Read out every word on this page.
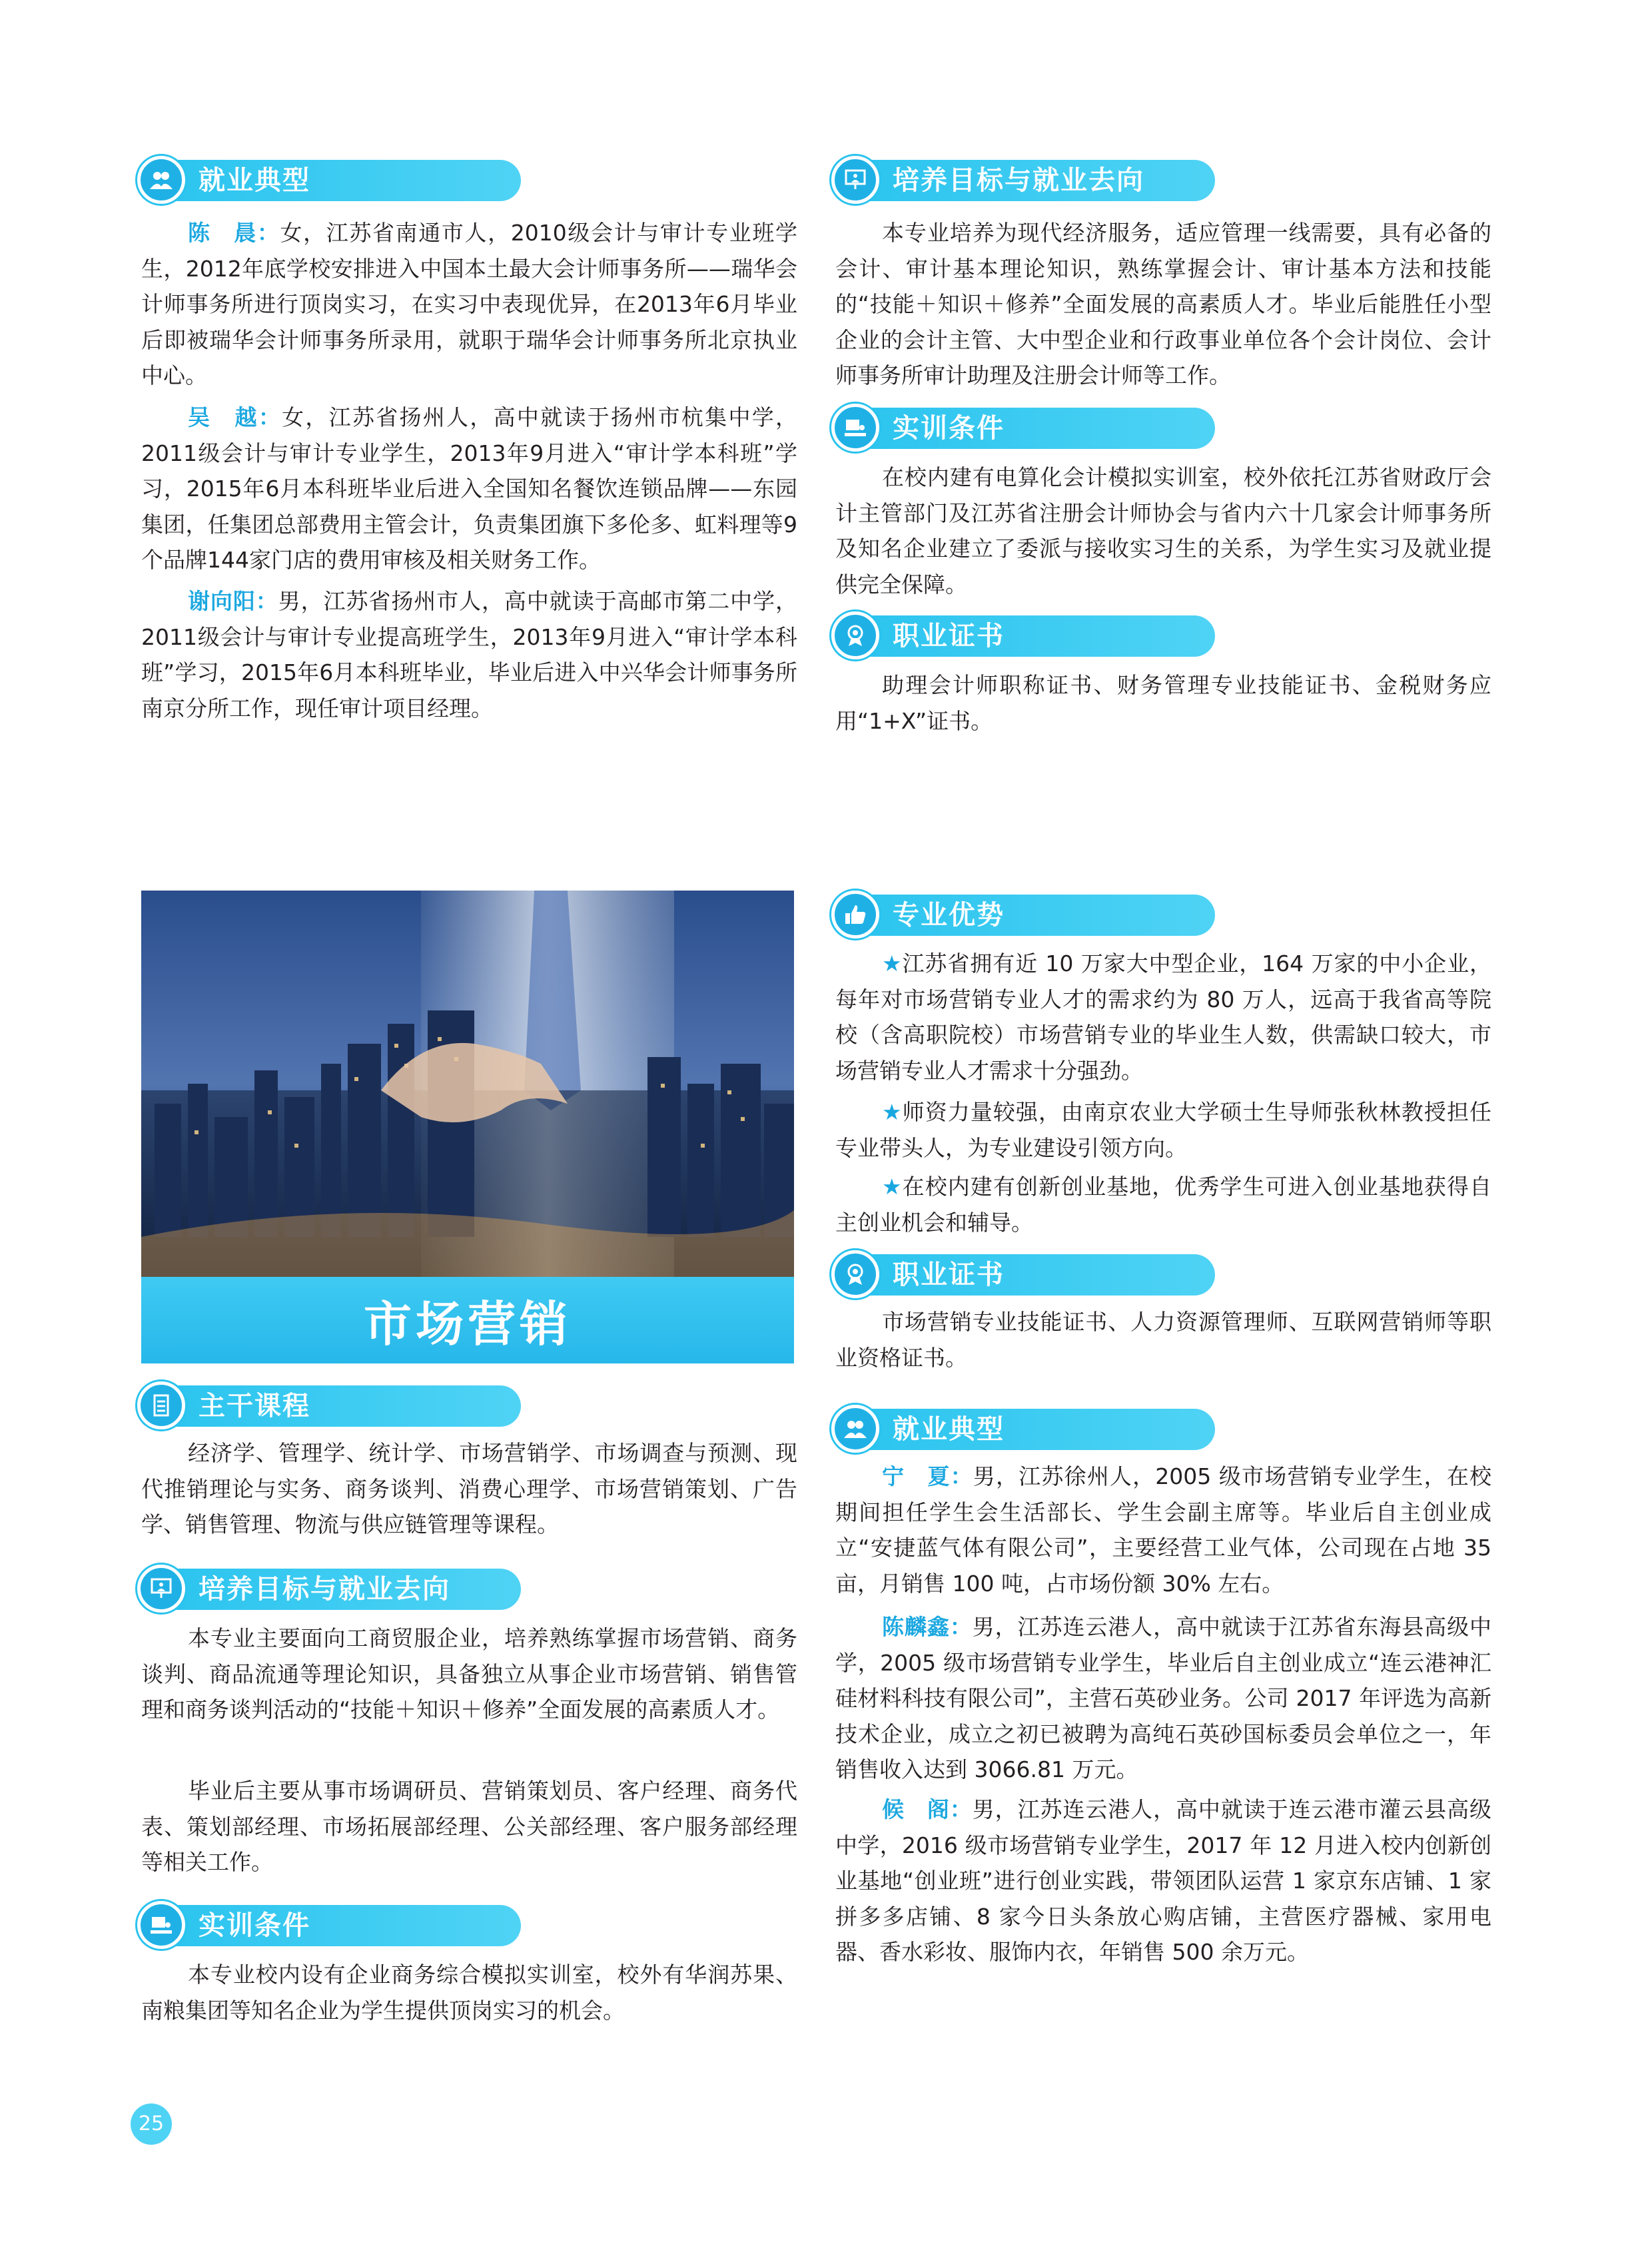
就业典型

陈　晨：女，江苏省南通市人，2010级会计与审计专业班学生，2012年底学校安排进入中国本土最大会计师事务所——瑞华会计师事务所进行顶岗实习，在实习中表现优异，在2013年6月毕业后即被瑞华会计师事务所录用，就职于瑞华会计师事务所北京执业中心。

吴　越：女，江苏省扬州人，高中就读于扬州市杭集中学，2011级会计与审计专业学生，2013年9月进入“审计学本科班”学习，2015年6月本科班毕业后进入全国知名餐饮连锁品牌——东园集团，任集团总部费用主管会计，负责集团旗下多伦多、虹料理等9个品牌144家门店的费用审核及相关财务工作。

谢向阳：男，江苏省扬州市人，高中就读于高邮市第二中学，2011级会计与审计专业提高班学生，2013年9月进入“审计学本科班”学习，2015年6月本科班毕业，毕业后进入中兴华会计师事务所南京分所工作，现任审计项目经理。

培养目标与就业去向

本专业培养为现代经济服务，适应管理一线需要，具有必备的会计、审计基本理论知识，熟练掌握会计、审计基本方法和技能的“技能＋知识＋修养”全面发展的高素质人才。毕业后能胜任小型企业的会计主管、大中型企业和行政事业单位各个会计岗位、会计师事务所审计助理及注册会计师等工作。

实训条件

在校内建有电算化会计模拟实训室，校外依托江苏省财政厅会计主管部门及江苏省注册会计师协会与省内六十几家会计师事务所及知名企业建立了委派与接收实习生的关系，为学生实习及就业提供完全保障。

职业证书

助理会计师职称证书、财务管理专业技能证书、金税财务应用“1+X”证书。

市场营销
主干课程

经济学、管理学、统计学、市场营销学、市场调查与预测、现代推销理论与实务、商务谈判、消费心理学、市场营销策划、广告学、销售管理、物流与供应链管理等课程。

培养目标与就业去向

本专业主要面向工商贸服企业，培养熟练掌握市场营销、商务谈判、商品流通等理论知识，具备独立从事企业市场营销、销售管理和商务谈判活动的“技能＋知识＋修养”全面发展的高素质人才。

毕业后主要从事市场调研员、营销策划员、客户经理、商务代表、策划部经理、市场拓展部经理、公关部经理、客户服务部经理等相关工作。

实训条件

本专业校内设有企业商务综合模拟实训室，校外有华润苏果、南粮集团等知名企业为学生提供顶岗实习的机会。

专业优势

★江苏省拥有近 10 万家大中型企业，164 万家的中小企业，每年对市场营销专业人才的需求约为 80 万人，远高于我省高等院校（含高职院校）市场营销专业的毕业生人数，供需缺口较大，市场营销专业人才需求十分强劲。

★师资力量较强，由南京农业大学硕士生导师张秋林教授担任专业带头人，为专业建设引领方向。

★在校内建有创新创业基地，优秀学生可进入创业基地获得自主创业机会和辅导。

职业证书

市场营销专业技能证书、人力资源管理师、互联网营销师等职业资格证书。

就业典型

宁　夏：男，江苏徐州人，2005 级市场营销专业学生，在校期间担任学生会生活部长、学生会副主席等。毕业后自主创业成立“安捷蓝气体有限公司”，主要经营工业气体，公司现在占地 35 亩，月销售 100 吨，占市场份额 30% 左右。

陈麟鑫：男，江苏连云港人，高中就读于江苏省东海县高级中学，2005 级市场营销专业学生，毕业后自主创业成立“连云港神汇硅材料科技有限公司”，主营石英砂业务。公司 2017 年评选为高新技术企业，成立之初已被聘为高纯石英砂国标委员会单位之一，年销售收入达到 3066.81 万元。

候　阁：男，江苏连云港人，高中就读于连云港市灌云县高级中学，2016 级市场营销专业学生，2017 年 12 月进入校内创新创业基地“创业班”进行创业实践，带领团队运营 1 家京东店铺、1 家拼多多店铺、8 家今日头条放心购店铺，主营医疗器械、家用电器、香水彩妆、服饰内衣，年销售 500 余万元。

25
